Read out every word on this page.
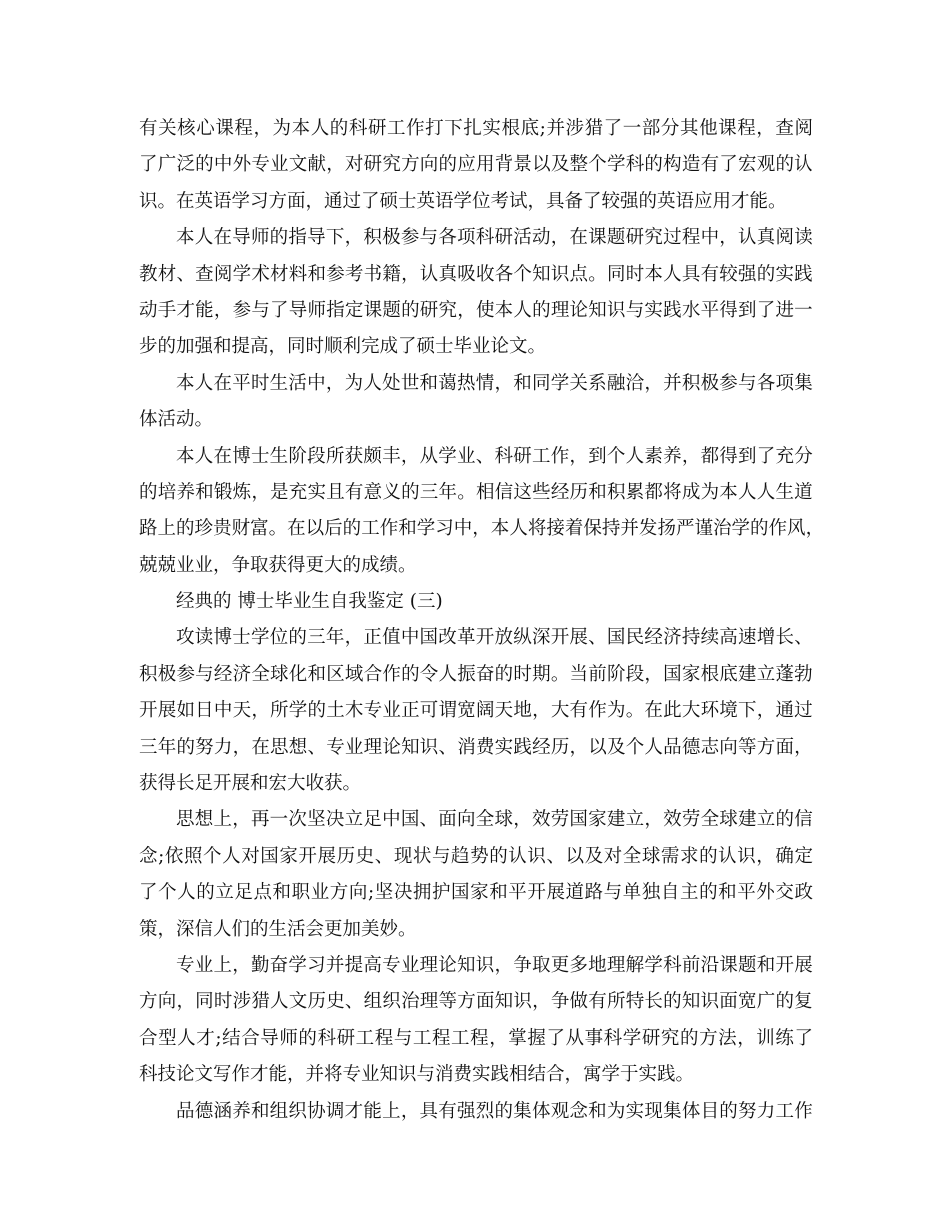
有 关 核 心 课 程 ， 为 本 人 的 科 研 工 作 打 下 扎 实 根 底 ; 并 涉 猎 了 一 部 分 其 他 课 程 ， 查 阅
了 广 泛 的 中 外 专 业 文 献 ， 对 研 究 方 向 的 应 用 背 景 以 及 整 个 学 科 的 构 造 有 了 宏 观 的 认
识。在英语学习方面，通过了硕士英语学位考试，具备了较强的英语应用才能。
本 人 在 导 师 的 指 导 下 ， 积 极 参 与 各 项 科 研 活 动 ， 在 课 题 研 究 过 程 中 ， 认 真 阅 读
教 材 、 查 阅 学 术 材 料 和 参 考 书 籍 ， 认 真 吸 收 各 个 知 识 点 。 同 时 本 人 具 有 较 强 的 实 践
动 手 才 能 ， 参 与 了 导 师 指 定 课 题 的 研 究 ， 使 本 人 的 理 论 知 识 与 实 践 水 平 得 到 了 进 一
步的加强和提高，同时顺利完成了硕士毕业论文。
本 人 在 平 时 生 活 中 ， 为 人 处 世 和 蔼 热 情 ， 和 同 学 关 系 融 洽 ， 并 积 极 参 与 各 项 集
体活动。
本 人 在 博 士 生 阶 段 所 获 颇 丰 ， 从 学 业 、 科 研 工 作 ， 到 个 人 素 养 ， 都 得 到 了 充 分
的 培 养 和 锻 炼 ， 是 充 实 且 有 意 义 的 三 年 。 相 信 这 些 经 历 和 积 累 都 将 成 为 本 人 人 生 道
路 上 的 珍 贵 财 富 。 在 以 后 的 工 作 和 学 习 中 ， 本 人 将 接 着 保 持 并 发 扬 严 谨 治 学 的 作 风 ，
兢兢业业，争取获得更大的成绩。
经典的 博士毕业生自我鉴定 (三)
攻 读 博 士 学 位 的 三 年 ， 正 值 中 国 改 革 开 放 纵 深 开 展 、 国 民 经 济 持 续 高 速 增 长 、
积 极 参 与 经 济 全 球 化 和 区 域 合 作 的 令 人 振 奋 的 时 期 。 当 前 阶 段 ， 国 家 根 底 建 立 蓬 勃
开 展 如 日 中 天 ， 所 学 的 土 木 专 业 正 可 谓 宽 阔 天 地 ， 大 有 作 为 。 在 此 大 环 境 下 ， 通 过
三 年 的 努 力 ， 在 思 想 、 专 业 理 论 知 识 、 消 费 实 践 经 历 ， 以 及 个 人 品 德 志 向 等 方 面 ，
获得长足开展和宏大收获。
思 想 上 ， 再 一 次 坚 决 立 足 中 国 、 面 向 全 球 ， 效 劳 国 家 建 立 ， 效 劳 全 球 建 立 的 信
念 ; 依 照 个 人 对 国 家 开 展 历 史 、 现 状 与 趋 势 的 认 识 、 以 及 对 全 球 需 求 的 认 识 ， 确 定
了 个 人 的 立 足 点 和 职 业 方 向 ; 坚 决 拥 护 国 家 和 平 开 展 道 路 与 单 独 自 主 的 和 平 外 交 政
策，深信人们的生活会更加美妙。
专 业 上 ， 勤 奋 学 习 并 提 高 专 业 理 论 知 识 ， 争 取 更 多 地 理 解 学 科 前 沿 课 题 和 开 展
方 向 ， 同 时 涉 猎 人 文 历 史 、 组 织 治 理 等 方 面 知 识 ， 争 做 有 所 特 长 的 知 识 面 宽 广 的 复
合 型 人 才 ; 结 合 导 师 的 科 研 工 程 与 工 程 工 程 ， 掌 握 了 从 事 科 学 研 究 的 方 法 ， 训 练 了
科技论文写作才能，并将专业知识与消费实践相结合，寓学于实践。
品 德 涵 养 和 组 织 协 调 才 能 上 ， 具 有 强 烈 的 集 体 观 念 和 为 实 现 集 体 目 的 努 力 工 作
